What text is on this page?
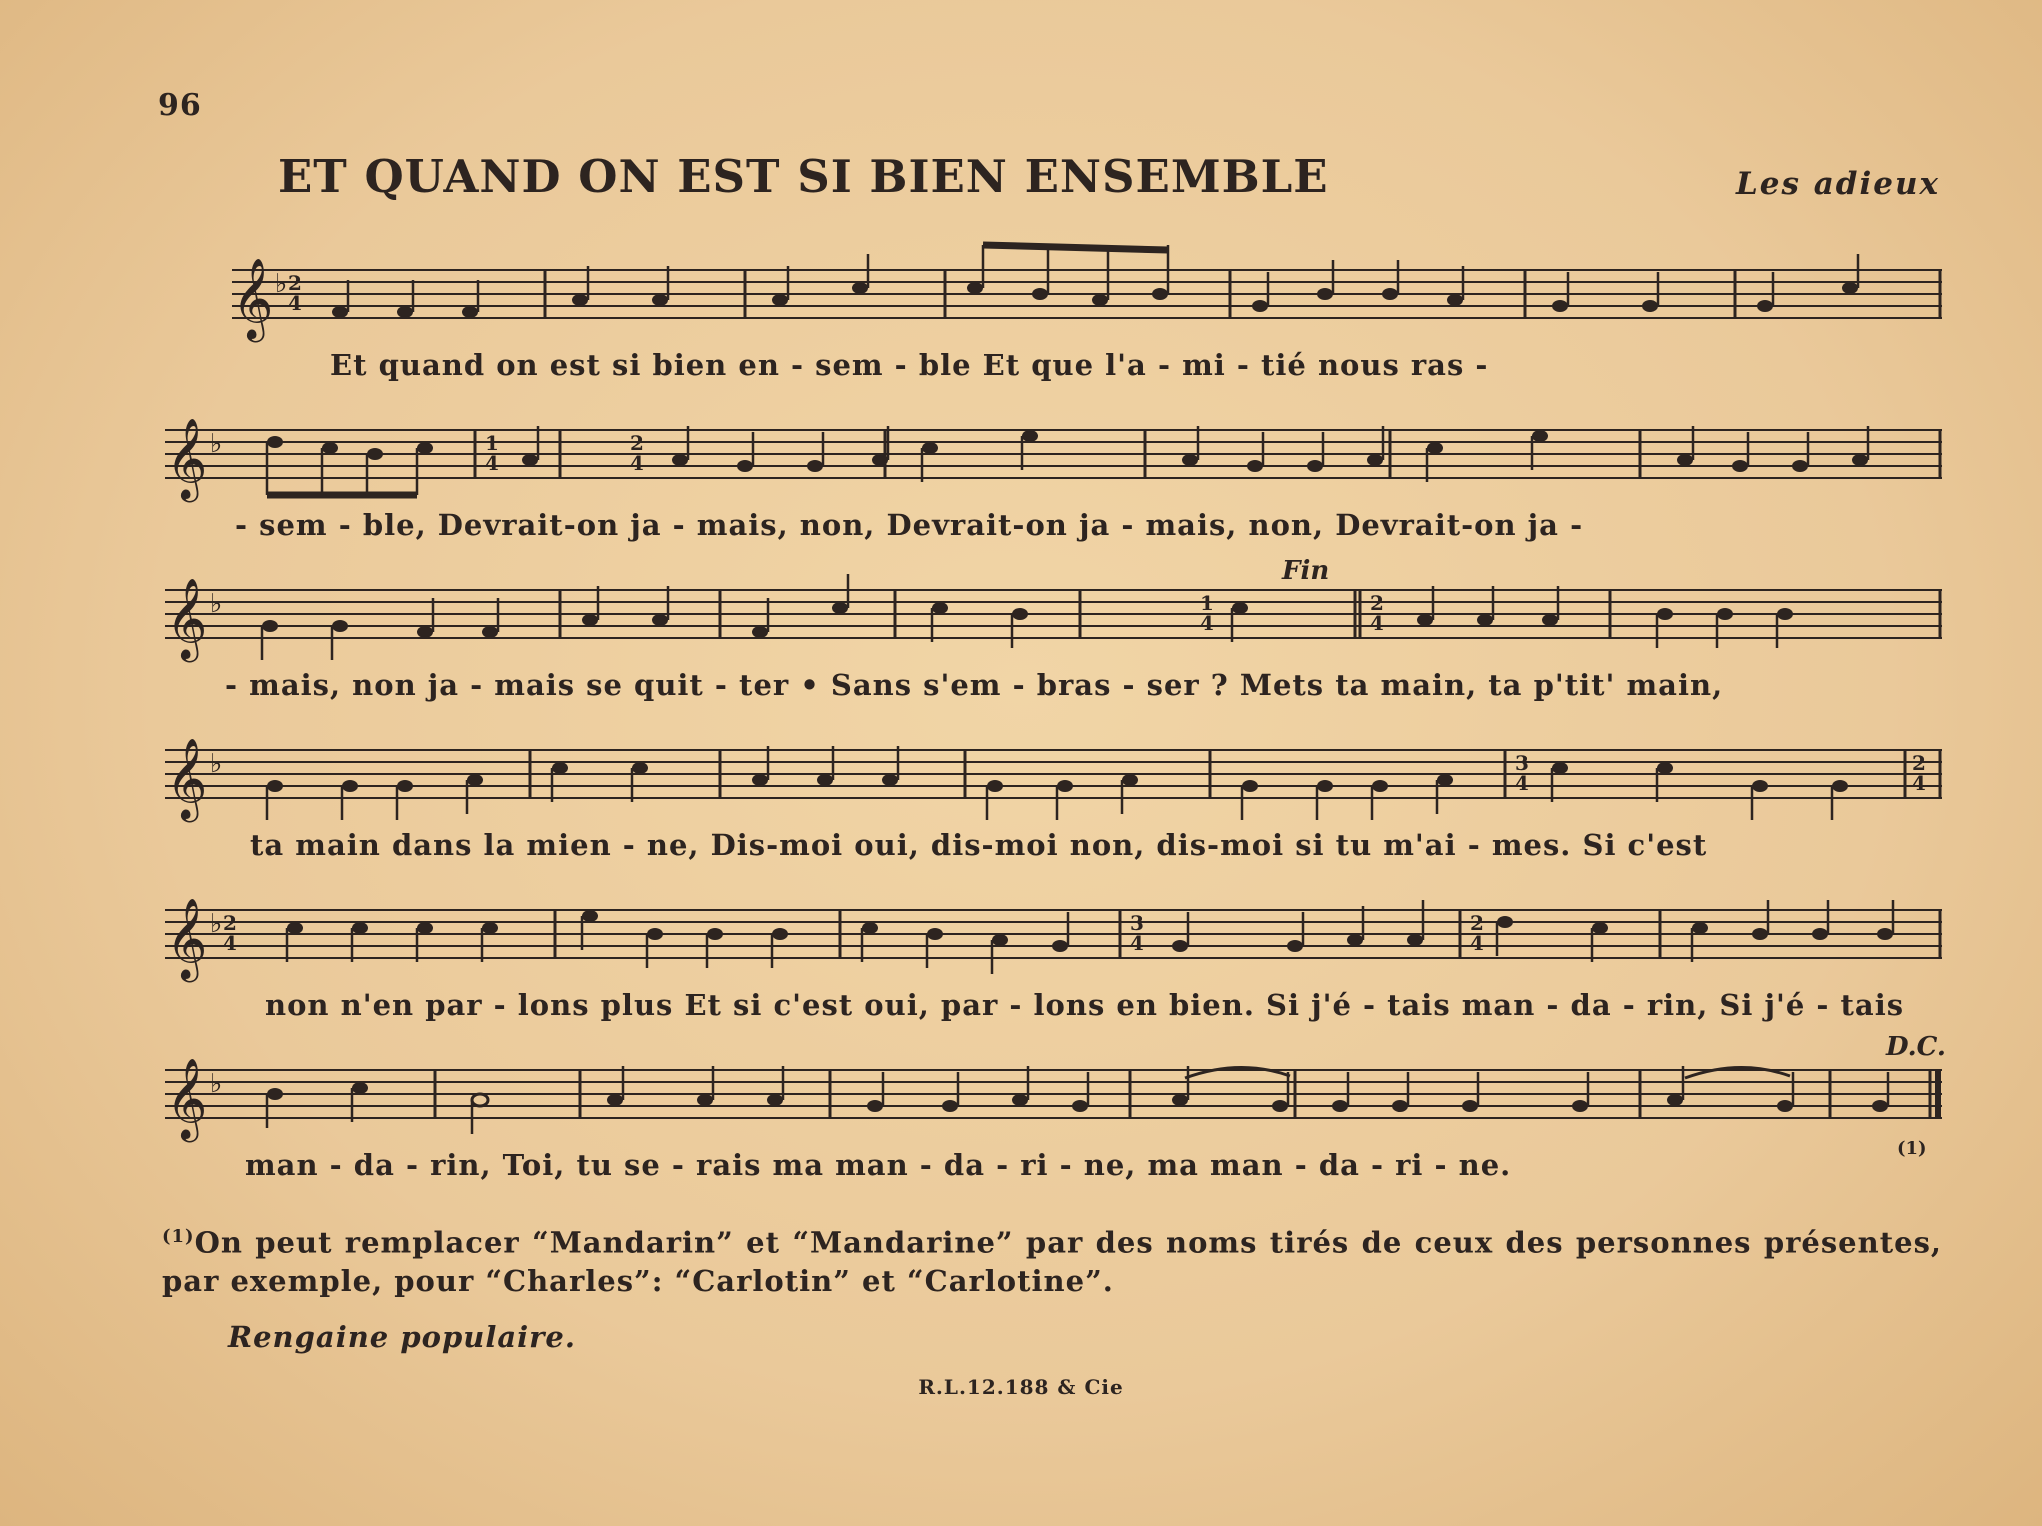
96
ET QUAND ON EST SI BIEN ENSEMBLE	Les adieux
𝄞 ♭ 2
4
Et quand on est si bien en - sem - ble Et que l'a - mi - tié nous ras -
𝄞 ♭	1
4
2
4
- sem - ble, Devrait-on ja - mais, non, Devrait-on ja - mais, non, Devrait-on ja -
𝄞 ♭	1
4
2
4
Fin
- mais, non ja - mais se quit - ter • Sans s'em - bras - ser ? Mets ta main, ta p'tit' main,
𝄞 ♭	3
4
2
4
ta main dans la mien - ne, Dis-moi oui, dis-moi non, dis-moi si tu m'ai - mes. Si c'est
𝄞 ♭ 2
4
3
4
2
4
non n'en par - lons plus Et si c'est oui, par - lons en bien. Si j'é - tais man - da - rin, Si j'é - tais
𝄞 ♭
D.C.
man - da - rin, Toi, tu se - rais ma man - da - ri - ne, ma man - da - ri - ne.	(1)
$^{(1)}$On peut remplacer “Mandarin” et “Mandarine” par des noms tirés de ceux des personnes présentes, par exemple, pour “Charles”: “Carlotin” et “Carlotine”.
Rengaine populaire.
R.L.12.188 & Cie
